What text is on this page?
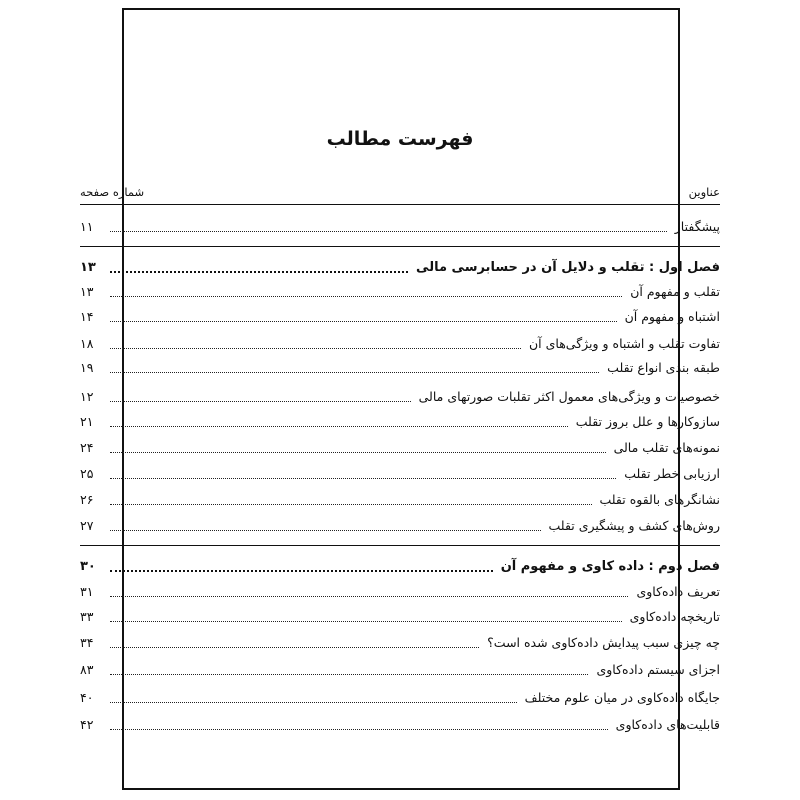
فهرست مطالب
عناوین
شماره صفحه
پیشگفتار
۱۱
فصل اول : تقلب و دلایل آن در حسابرسی مالی
۱۳
تقلب و مفهوم آن
۱۳
اشتباه و مفهوم آن
۱۴
تفاوت تقلب و اشتباه و ویژگی‌های آن
۱۸
طبقه بندی انواع تقلب
۱۹
خصوصیات و ویژگی‌های معمول اکثر تقلبات صورتهای مالی
۱۲
سازوکارها و علل بروز تقلب
۲۱
نمونه‌های تقلب مالی
۲۴
ارزیابی خطر تقلب
۲۵
نشانگرهای بالقوه تقلب
۲۶
روش‌های کشف و پیشگیری تقلب
۲۷
فصل دوم : داده کاوی و مفهوم آن
۳۰
تعریف داده‌کاوی
۳۱
تاریخچه داده‌کاوی
۳۳
چه چیزی سبب پیدایش داده‌کاوی شده است؟
۳۴
اجزای سیستم داده‌کاوی
۸۳
جایگاه داده‌کاوی در میان علوم مختلف
۴۰
قابلیت‌های داده‌کاوی
۴۲
